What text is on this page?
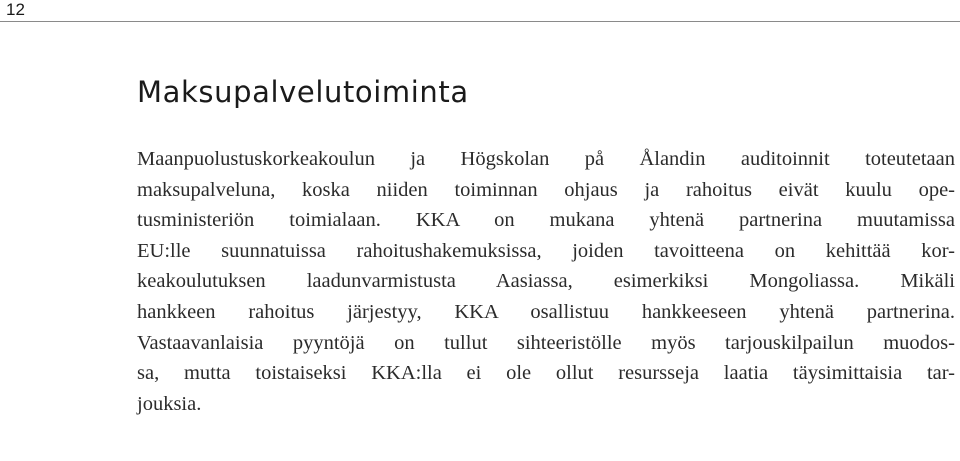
12
Maksupalvelutoiminta
Maanpuolustuskorkeakoulun ja Högskolan på Ålandin auditoinnit toteutetaan
maksupalveluna, koska niiden toiminnan ohjaus ja rahoitus eivät kuulu ope-
tusministeriön toimialaan. KKA on mukana yhtenä partnerina muutamissa
EU:lle suunnatuissa rahoitushakemuksissa, joiden tavoitteena on kehittää kor-
keakoulutuksen laadunvarmistusta Aasiassa, esimerkiksi Mongoliassa. Mikäli
hankkeen rahoitus järjestyy, KKA osallistuu hankkeeseen yhtenä partnerina.
Vastaavanlaisia pyyntöjä on tullut sihteeristölle myös tarjouskilpailun muodos-
sa, mutta toistaiseksi KKA:lla ei ole ollut resursseja laatia täysimittaisia tar-
jouksia.
